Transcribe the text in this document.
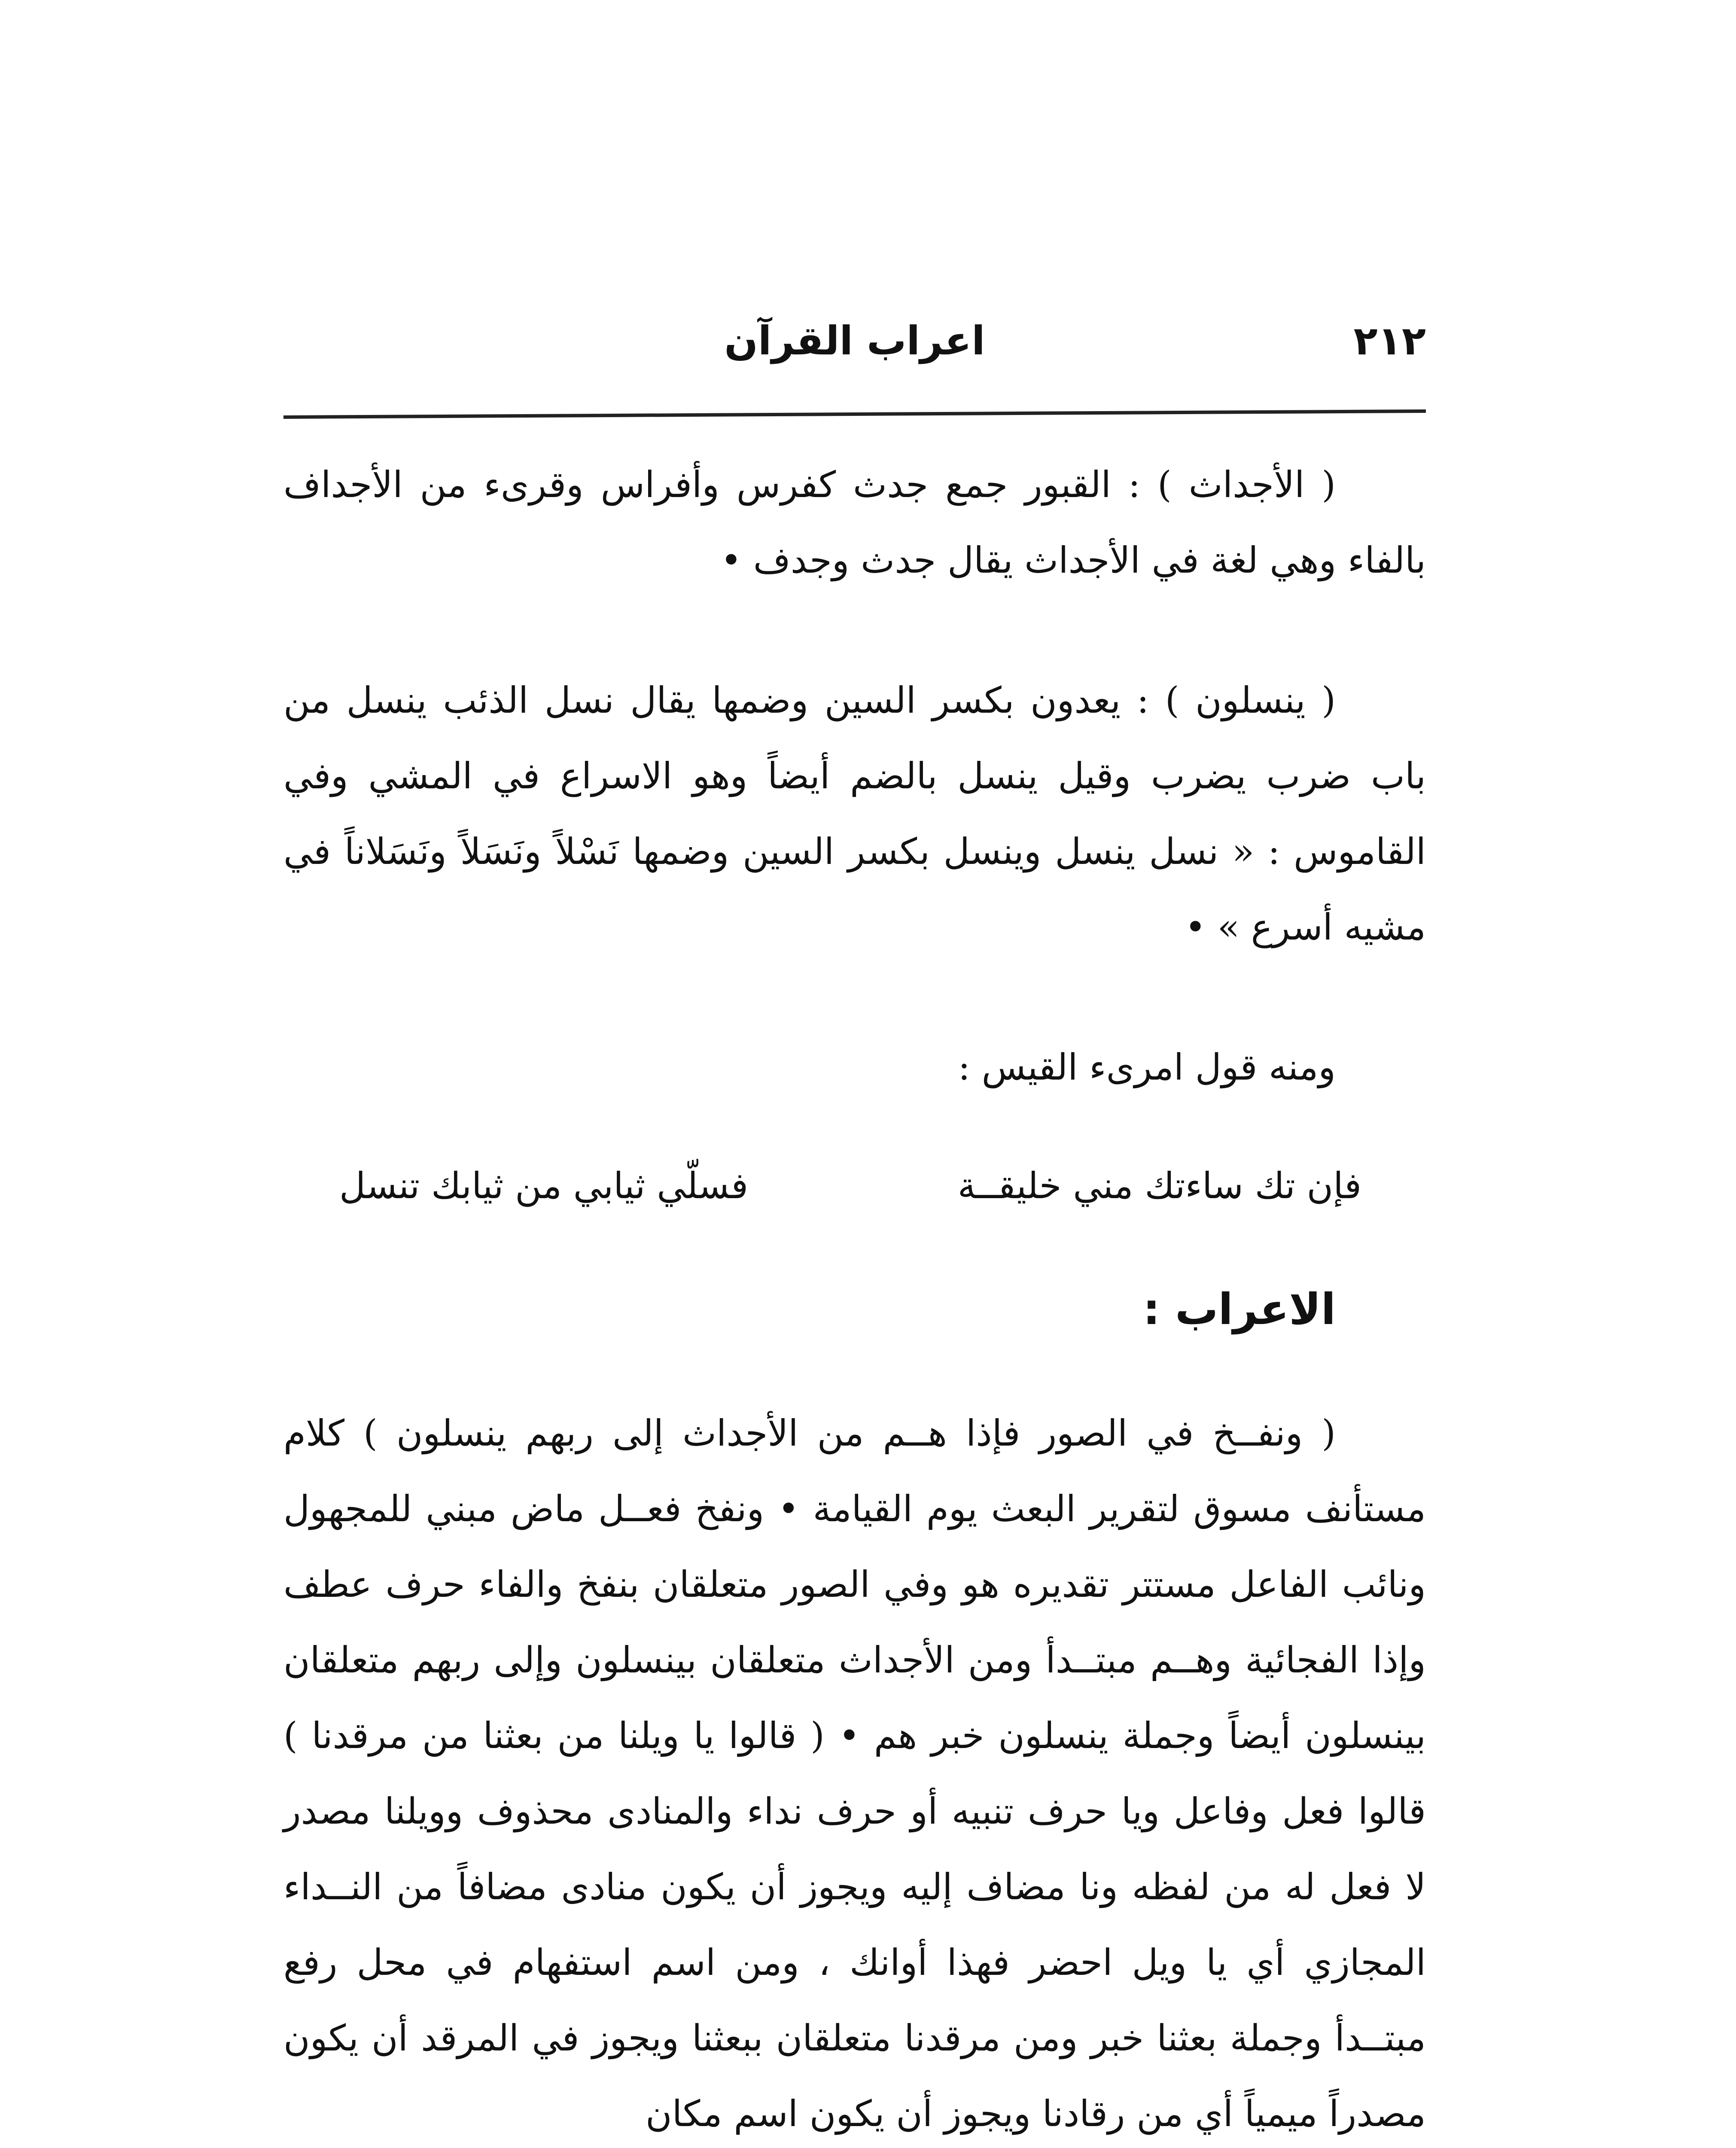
٢١٢
اعراب القرآن

( الأجداث ) : القبور جمع جدث كفرس وأفراس وقرىء من الأجداف بالفاء وهي لغة في الأجداث يقال جدث وجدف •

( ينسلون ) : يعدون بكسر السين وضمها يقال نسل الذئب ينسل من باب ضرب يضرب وقيل ينسل بالضم أيضاً وهو الاسراع في المشي وفي القاموس : « نسل ينسل وينسل بكسر السين وضمها نَسْلاً ونَسَلاً ونَسَلاناً في مشيه أسرع » •

ومنه قول امرىء القيس :

فإن تك ساءتك مني خليقــة
فسلّي ثيابي من ثيابك تنسل
الاعراب :

( ونفــخ في الصور فإذا هــم من الأجداث إلى ربهم ينسلون ) كلام مستأنف مسوق لتقرير البعث يوم القيامة • ونفخ فعــل ماض مبني للمجهول ونائب الفاعل مستتر تقديره هو وفي الصور متعلقان بنفخ والفاء حرف عطف وإذا الفجائية وهــم مبتــدأ ومن الأجداث متعلقان بينسلون وإلى ربهم متعلقان بينسلون أيضاً وجملة ينسلون خبر هم • ( قالوا يا ويلنا من بعثنا من مرقدنا ) قالوا فعل وفاعل ويا حرف تنبيه أو حرف نداء والمنادى محذوف وويلنا مصدر لا فعل له من لفظه ونا مضاف إليه ويجوز أن يكون منادى مضافاً من النــداء المجازي أي يا ويل احضر فهذا أوانك ، ومن اسم استفهام في محل رفع مبتــدأ وجملة بعثنا خبر ومن مرقدنا متعلقان ببعثنا ويجوز في المرقد أن يكون مصدراً ميمياً أي من رقادنا ويجوز أن يكون اسم مكان
